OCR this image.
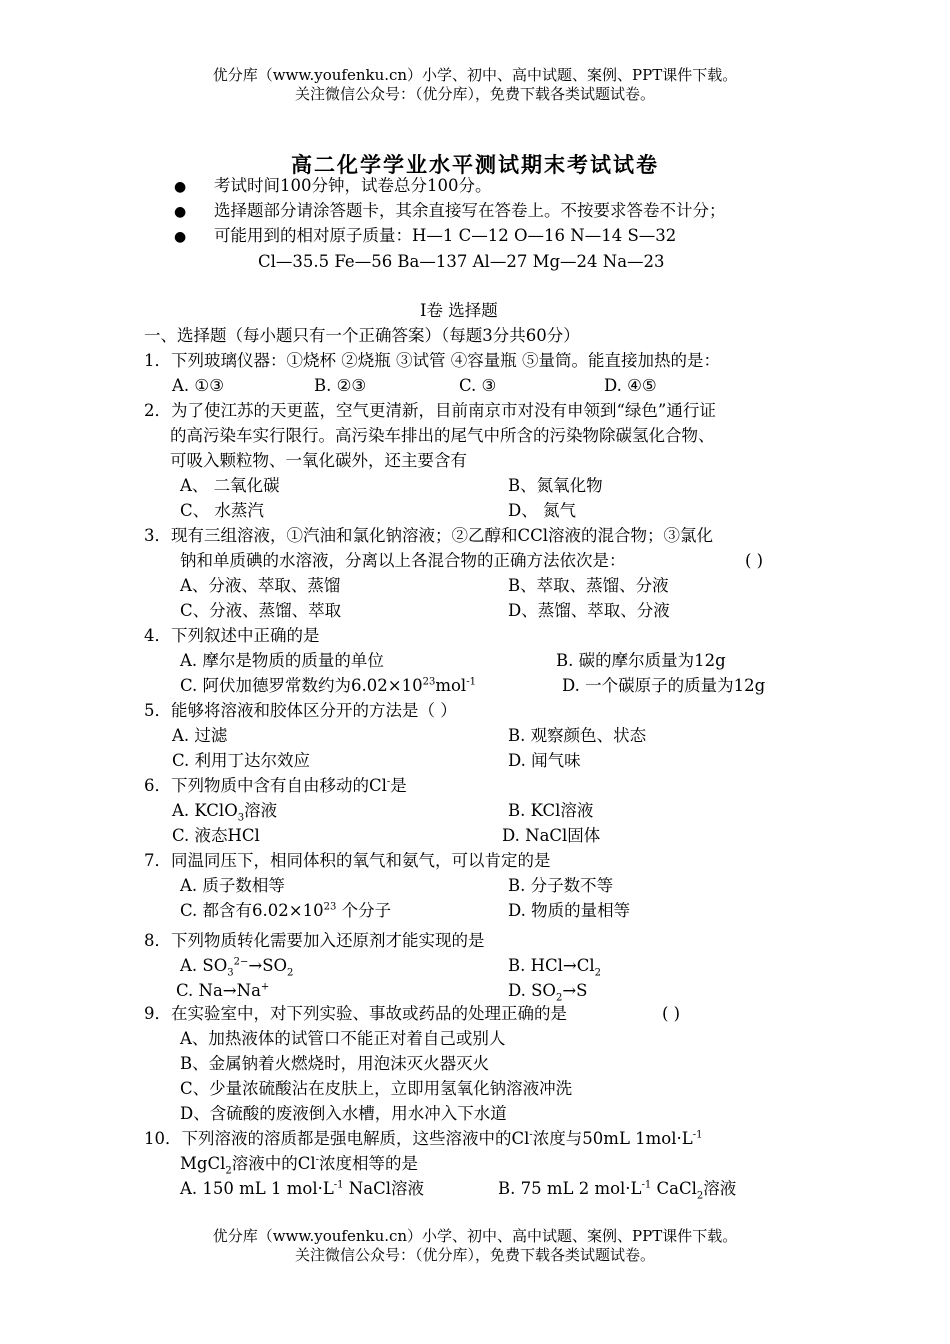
优分库（www.youfenku.cn）小学、初中、高中试题、案例、PPT课件下载。
关注微信公众号：（优分库），免费下载各类试题试卷。
高二化学学业水平测试期末考试试卷
● 考试时间100分钟，试卷总分100分。
● 选择题部分请涂答题卡，其余直接写在答卷上。不按要求答卷不计分；
● 可能用到的相对原子质量：H—1 C—12 O—16 N—14 S—32
Cl—35.5 Fe—56 Ba—137 Al—27 Mg—24 Na—23
Ⅰ卷 选择题
一、选择题（每小题只有一个正确答案）（每题3分共60分）
1．下列玻璃仪器：①烧杯 ②烧瓶 ③试管 ④容量瓶 ⑤量筒。能直接加热的是：
A. ①③	B. ②③	C. ③	D. ④⑤
2．为了使江苏的天更蓝，空气更清新，目前南京市对没有申领到“绿色”通行证
的高污染车实行限行。高污染车排出的尾气中所含的污染物除碳氢化合物、
可吸入颗粒物、一氧化碳外，还主要含有
A、 二氧化碳	B、氮氧化物
C、 水蒸汽	D、 氮气
3．现有三组溶液，①汽油和氯化钠溶液；②乙醇和CCl溶液的混合物；③氯化
钠和单质碘的水溶液，分离以上各混合物的正确方法依次是：	( )
A、分液、萃取、蒸馏	B、萃取、蒸馏、分液
C、分液、蒸馏、萃取	D、蒸馏、萃取、分液
4．下列叙述中正确的是
A. 摩尔是物质的质量的单位	B. 碳的摩尔质量为12g
C. 阿伏加德罗常数约为$6.02\times 10^{23}mol^{-1}$	D. 一个碳原子的质量为12g
5．能够将溶液和胶体区分开的方法是（ ）
A. 过滤	B. 观察颜色、状态
C. 利用丁达尔效应	D. 闻气味
6．下列物质中含有自由移动的Cl-是
A. KClO$_3$溶液	B. KCl溶液
C. 液态HCl	D. NaCl固体
7．同温同压下，相同体积的氧气和氨气，可以肯定的是
A. 质子数相等	B. 分子数不等
C. 都含有$6.02\times 10^{23}$ 个分子	D. 物质的量相等
8．下列物质转化需要加入还原剂才能实现的是
A. $SO_3^{2-}\to SO_2$	B. $HCl\to Cl_2$
C. Na→Na+	D. $SO_2\to S$
9．在实验室中，对下列实验、事故或药品的处理正确的是	( )
A、加热液体的试管口不能正对着自己或别人
B、金属钠着火燃烧时，用泡沫灭火器灭火
C、少量浓硫酸沾在皮肤上，立即用氢氧化钠溶液冲洗
D、含硫酸的废液倒入水槽，用水冲入下水道
10．下列溶液的溶质都是强电解质，这些溶液中的Cl-浓度与50mL $1mol\cdot L^{-1}$
MgCl$_2$溶液中的Cl-浓度相等的是
A. 150 mL 1 $mol\cdot L^{-1}$ NaCl溶液	B. 75 mL 2 $mol\cdot L^{-1}$ CaCl$_2$溶液
优分库（www.youfenku.cn）小学、初中、高中试题、案例、PPT课件下载。
关注微信公众号：（优分库），免费下载各类试题试卷。
